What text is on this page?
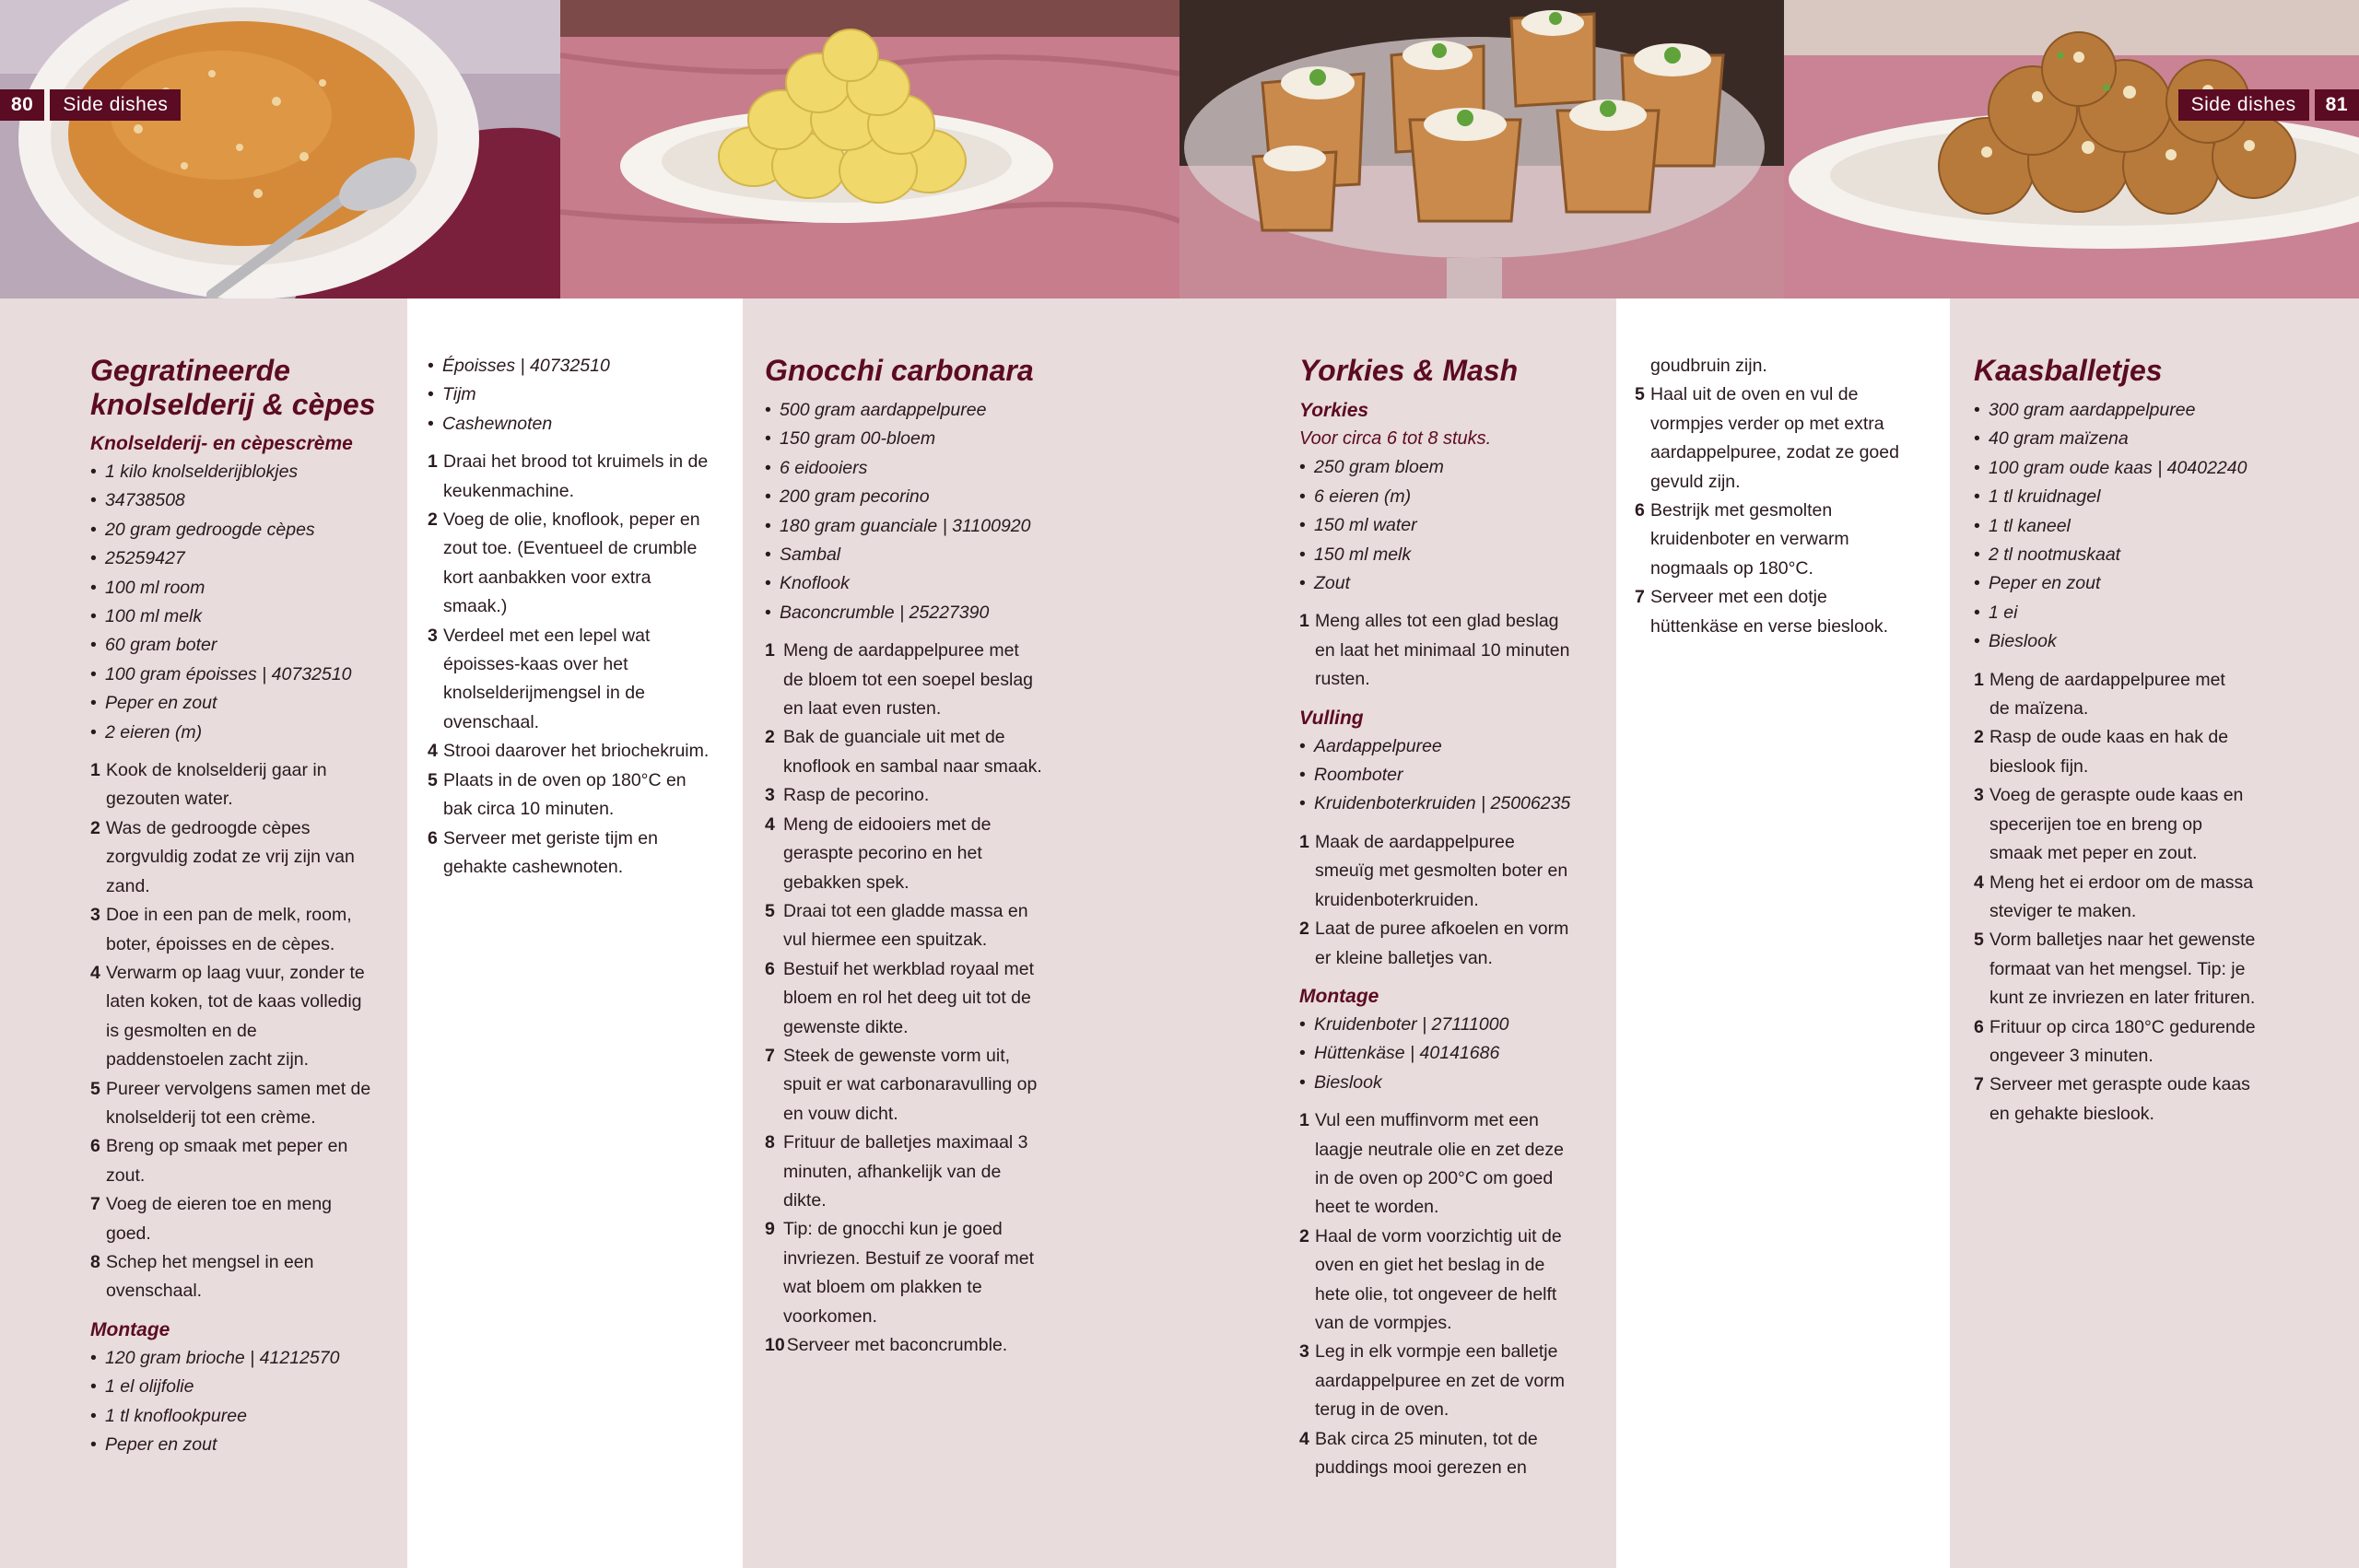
80	Side dishes	Side dishes	81
Gegratineerde
knolselderij & cèpes
Knolselderij- en cèpescrème
• 1 kilo knolselderijblokjes
• 34738508
• 20 gram gedroogde cèpes
• 25259427
• 100 ml room
• 100 ml melk
• 60 gram boter
• 100 gram époisses | 40732510
• Peper en zout
• 2 eieren (m)
1 Kook de knolselderij gaar in
gezouten water.
2 Was de gedroogde cèpes
zorgvuldig zodat ze vrij zijn van
zand.
3 Doe in een pan de melk, room,
boter, époisses en de cèpes.
4 Verwarm op laag vuur, zonder te
laten koken, tot de kaas volledig
is gesmolten en de
paddenstoelen zacht zijn.
5 Pureer vervolgens samen met de
knolselderij tot een crème.
6 Breng op smaak met peper en
zout.
7 Voeg de eieren toe en meng
goed.
8 Schep het mengsel in een
ovenschaal.
Montage
• 120 gram brioche | 41212570
• 1 el olijfolie
• 1 tl knoflookpuree
• Peper en zout
• Époisses | 40732510
• Tijm
• Cashewnoten
1 Draai het brood tot kruimels in de
keukenmachine.
2 Voeg de olie, knoflook, peper en
zout toe. (Eventueel de crumble
kort aanbakken voor extra
smaak.)
3 Verdeel met een lepel wat
époisses-kaas over het
knolselderijmengsel in de
ovenschaal.
4 Strooi daarover het briochekruim.
5 Plaats in de oven op 180°C en
bak circa 10 minuten.
6 Serveer met geriste tijm en
gehakte cashewnoten.
Gnocchi carbonara
• 500 gram aardappelpuree
• 150 gram 00-bloem
• 6 eidooiers
• 200 gram pecorino
• 180 gram guanciale | 31100920
• Sambal
• Knoflook
• Baconcrumble | 25227390
1 Meng de aardappelpuree met
de bloem tot een soepel beslag
en laat even rusten.
2 Bak de guanciale uit met de
knoflook en sambal naar smaak.
3 Rasp de pecorino.
4 Meng de eidooiers met de
geraspte pecorino en het
gebakken spek.
5 Draai tot een gladde massa en
vul hiermee een spuitzak.
6 Bestuif het werkblad royaal met
bloem en rol het deeg uit tot de
gewenste dikte.
7 Steek de gewenste vorm uit,
spuit er wat carbonaravulling op
en vouw dicht.
8 Frituur de balletjes maximaal 3
minuten, afhankelijk van de
dikte.
9 Tip: de gnocchi kun je goed
invriezen. Bestuif ze vooraf met
wat bloem om plakken te
voorkomen.
10 Serveer met baconcrumble.
Yorkies & Mash
Yorkies
Voor circa 6 tot 8 stuks.
• 250 gram bloem
• 6 eieren (m)
• 150 ml water
• 150 ml melk
• Zout
1 Meng alles tot een glad beslag
en laat het minimaal 10 minuten
rusten.
Vulling
• Aardappelpuree
• Roomboter
• Kruidenboterkruiden | 25006235
1 Maak de aardappelpuree
smeuïg met gesmolten boter en
kruidenboterkruiden.
2 Laat de puree afkoelen en vorm
er kleine balletjes van.
Montage
• Kruidenboter | 27111000
• Hüttenkäse | 40141686
• Bieslook
1 Vul een muffinvorm met een
laagje neutrale olie en zet deze
in de oven op 200°C om goed
heet te worden.
2 Haal de vorm voorzichtig uit de
oven en giet het beslag in de
hete olie, tot ongeveer de helft
van de vormpjes.
3 Leg in elk vormpje een balletje
aardappelpuree en zet de vorm
terug in de oven.
4 Bak circa 25 minuten, tot de
puddings mooi gerezen en
goudbruin zijn.
5 Haal uit de oven en vul de
vormpjes verder op met extra
aardappelpuree, zodat ze goed
gevuld zijn.
6 Bestrijk met gesmolten
kruidenboter en verwarm
nogmaals op 180°C.
7 Serveer met een dotje
hüttenkäse en verse bieslook.
Kaasballetjes
• 300 gram aardappelpuree
• 40 gram maïzena
• 100 gram oude kaas | 40402240
• 1 tl kruidnagel
• 1 tl kaneel
• 2 tl nootmuskaat
• Peper en zout
• 1 ei
• Bieslook
1 Meng de aardappelpuree met
de maïzena.
2 Rasp de oude kaas en hak de
bieslook fijn.
3 Voeg de geraspte oude kaas en
specerijen toe en breng op
smaak met peper en zout.
4 Meng het ei erdoor om de massa
steviger te maken.
5 Vorm balletjes naar het gewenste
formaat van het mengsel. Tip: je
kunt ze invriezen en later frituren.
6 Frituur op circa 180°C gedurende
ongeveer 3 minuten.
7 Serveer met geraspte oude kaas
en gehakte bieslook.
